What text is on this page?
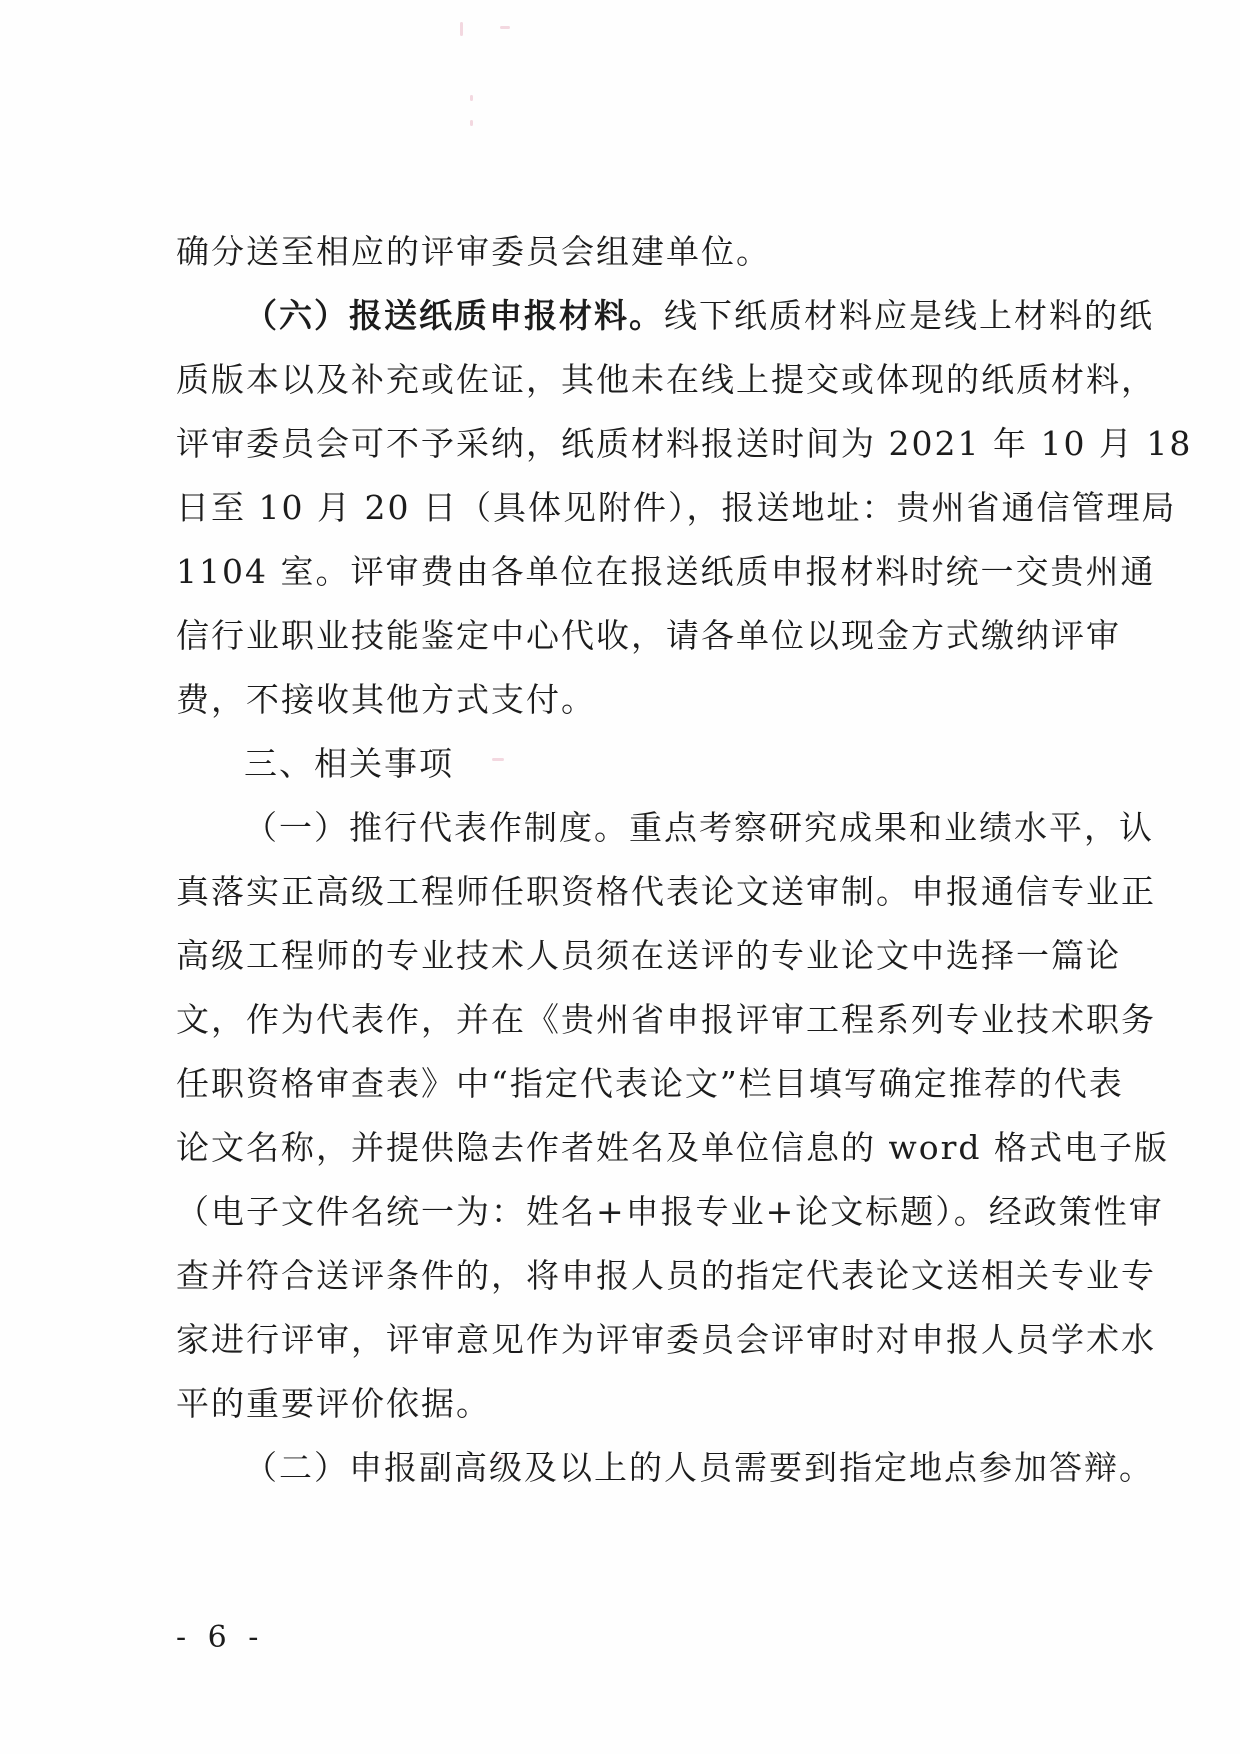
确分送至相应的评审委员会组建单位。
（六）报送纸质申报材料。线下纸质材料应是线上材料的纸
质版本以及补充或佐证，其他未在线上提交或体现的纸质材料，
评审委员会可不予采纳，纸质材料报送时间为 2021 年 10 月 18
日至 10 月 20 日（具体见附件），报送地址：贵州省通信管理局
1104 室。评审费由各单位在报送纸质申报材料时统一交贵州通
信行业职业技能鉴定中心代收，请各单位以现金方式缴纳评审
费，不接收其他方式支付。
三、相关事项
（一）推行代表作制度。重点考察研究成果和业绩水平，认
真落实正高级工程师任职资格代表论文送审制。申报通信专业正
高级工程师的专业技术人员须在送评的专业论文中选择一篇论
文，作为代表作，并在《贵州省申报评审工程系列专业技术职务
任职资格审查表》中“指定代表论文”栏目填写确定推荐的代表
论文名称，并提供隐去作者姓名及单位信息的 word 格式电子版
（电子文件名统一为：姓名+申报专业+论文标题）。经政策性审
查并符合送评条件的，将申报人员的指定代表论文送相关专业专
家进行评审，评审意见作为评审委员会评审时对申报人员学术水
平的重要评价依据。
（二）申报副高级及以上的人员需要到指定地点参加答辩。
- 6 -
